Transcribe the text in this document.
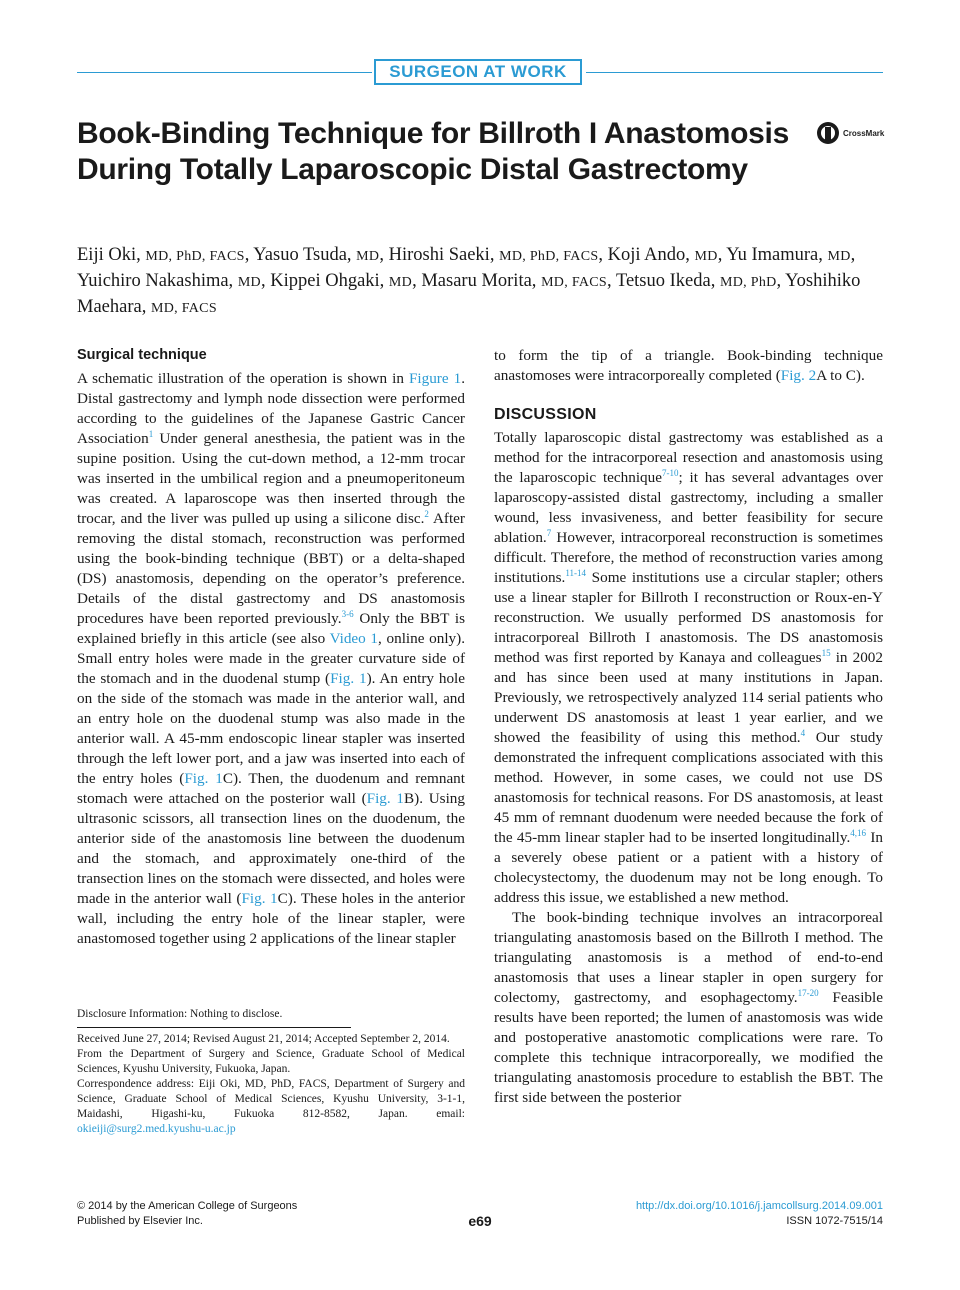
SURGEON AT WORK
Book-Binding Technique for Billroth I Anastomosis During Totally Laparoscopic Distal Gastrectomy
CrossMark
Eiji Oki, MD, PhD, FACS, Yasuo Tsuda, MD, Hiroshi Saeki, MD, PhD, FACS, Koji Ando, MD, Yu Imamura, MD, Yuichiro Nakashima, MD, Kippei Ohgaki, MD, Masaru Morita, MD, FACS, Tetsuo Ikeda, MD, PhD, Yoshihiko Maehara, MD, FACS

Surgical technique

A schematic illustration of the operation is shown in Figure 1. Distal gastrectomy and lymph node dissection were performed according to the guidelines of the Japanese Gastric Cancer Association$^1$ Under general anesthesia, the patient was in the supine position. Using the cut-down method, a 12-mm trocar was inserted in the umbilical region and a pneumoperitoneum was created. A laparoscope was then inserted through the trocar, and the liver was pulled up using a silicone disc.$^2$ After removing the distal stomach, reconstruction was performed using the book-binding technique (BBT) or a delta-shaped (DS) anastomosis, depending on the operator’s preference. Details of the distal gastrectomy and DS anastomosis procedures have been reported previously.$^{3-6}$ Only the BBT is explained briefly in this article (see also Video 1, online only). Small entry holes were made in the greater curvature side of the stomach and in the duodenal stump (Fig. 1). An entry hole on the side of the stomach was made in the anterior wall, and an entry hole on the duodenal stump was also made in the anterior wall. A 45-mm endoscopic linear stapler was inserted through the left lower port, and a jaw was inserted into each of the entry holes (Fig. 1C). Then, the duodenum and remnant stomach were attached on the posterior wall (Fig. 1B). Using ultrasonic scissors, all transection lines on the duodenum, the anterior side of the anastomosis line between the duodenum and the stomach, and approximately one-third of the transection lines on the stomach were dissected, and holes were made in the anterior wall (Fig. 1C). These holes in the anterior wall, including the entry hole of the linear stapler, were anastomosed together using 2 applications of the linear stapler

to form the tip of a triangle. Book-binding technique anastomoses were intracorporeally completed (Fig. 2A to C).

DISCUSSION

Totally laparoscopic distal gastrectomy was established as a method for the intracorporeal resection and anastomosis using the laparoscopic technique$^{7-10}$; it has several advantages over laparoscopy-assisted distal gastrectomy, including a smaller wound, less invasiveness, and better feasibility for secure ablation.$^7$ However, intracorporeal reconstruction is sometimes difficult. Therefore, the method of reconstruction varies among institutions.$^{11-14}$ Some institutions use a circular stapler; others use a linear stapler for Billroth I reconstruction or Roux-en-Y reconstruction. We usually performed DS anastomosis for intracorporeal Billroth I anastomosis. The DS anastomosis method was first reported by Kanaya and colleagues$^{15}$ in 2002 and has since been used at many institutions in Japan. Previously, we retrospectively analyzed 114 serial patients who underwent DS anastomosis at least 1 year earlier, and we showed the feasibility of using this method.$^4$ Our study demonstrated the infrequent complications associated with this method. However, in some cases, we could not use DS anastomosis for technical reasons. For DS anastomosis, at least 45 mm of remnant duodenum were needed because the fork of the 45-mm linear stapler had to be inserted longitudinally.$^{4,16}$ In a severely obese patient or a patient with a history of cholecystectomy, the duodenum may not be long enough. To address this issue, we established a new method.

The book-binding technique involves an intracorporeal triangulating anastomosis based on the Billroth I method. The triangulating anastomosis is a method of end-to-end anastomosis that uses a linear stapler in open surgery for colectomy, gastrectomy, and esophagectomy.$^{17-20}$ Feasible results have been reported; the lumen of anastomosis was wide and postoperative anastomotic complications were rare. To complete this technique intracorporeally, we modified the triangulating anastomosis procedure to establish the BBT. The first side between the posterior

Disclosure Information: Nothing to disclose.

Received June 27, 2014; Revised August 21, 2014; Accepted September 2, 2014.

From the Department of Surgery and Science, Graduate School of Medical Sciences, Kyushu University, Fukuoka, Japan.

Correspondence address: Eiji Oki, MD, PhD, FACS, Department of Surgery and Science, Graduate School of Medical Sciences, Kyushu University, 3-1-1, Maidashi, Higashi-ku, Fukuoka 812-8582, Japan. email: okieiji@surg2.med.kyushu-u.ac.jp

© 2014 by the American College of Surgeons
Published by Elsevier Inc.	e69
http://dx.doi.org/10.1016/j.jamcollsurg.2014.09.001
ISSN 1072-7515/14
